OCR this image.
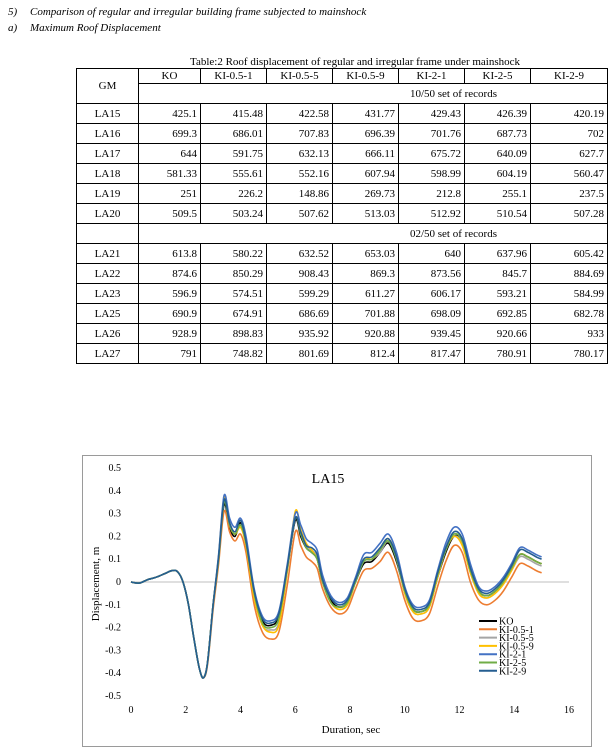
5) Comparison of regular and irregular building frame subjected to mainshock
a) Maximum Roof Displacement
Table:2 Roof displacement of regular and irregular frame under mainshock
GM	KO	KI-0.5-1	KI-0.5-5	KI-0.5-9	KI-2-1	KI-2-5	KI-2-9
	10/50 set of records						
LA15	425.1	415.48	422.58	431.77	429.43	426.39	420.19
LA16	699.3	686.01	707.83	696.39	701.76	687.73	702
LA17	644	591.75	632.13	666.11	675.72	640.09	627.7
LA18	581.33	555.61	552.16	607.94	598.99	604.19	560.47
LA19	251	226.2	148.86	269.73	212.8	255.1	237.5
LA20	509.5	503.24	507.62	513.03	512.92	510.54	507.28
	02/50 set of records						
LA21	613.8	580.22	632.52	653.03	640	637.96	605.42
LA22	874.6	850.29	908.43	869.3	873.56	845.7	884.69
LA23	596.9	574.51	599.29	611.27	606.17	593.21	584.99
LA25	690.9	674.91	686.69	701.88	698.09	692.85	682.78
LA26	928.9	898.83	935.92	920.88	939.45	920.66	933
LA27	791	748.82	801.69	812.4	817.47	780.91	780.17
0.5
0.4
0.3
0.2
0.1
0
-0.1
-0.2
-0.3
-0.4
-0.5
0	2	4	6	8	10	12	14	16
LA15
Duration, sec
Displacement, m
KO
KI-0.5-1
KI-0.5-5
KI-0.5-9
KI-2-1
KI-2-5
KI-2-9
